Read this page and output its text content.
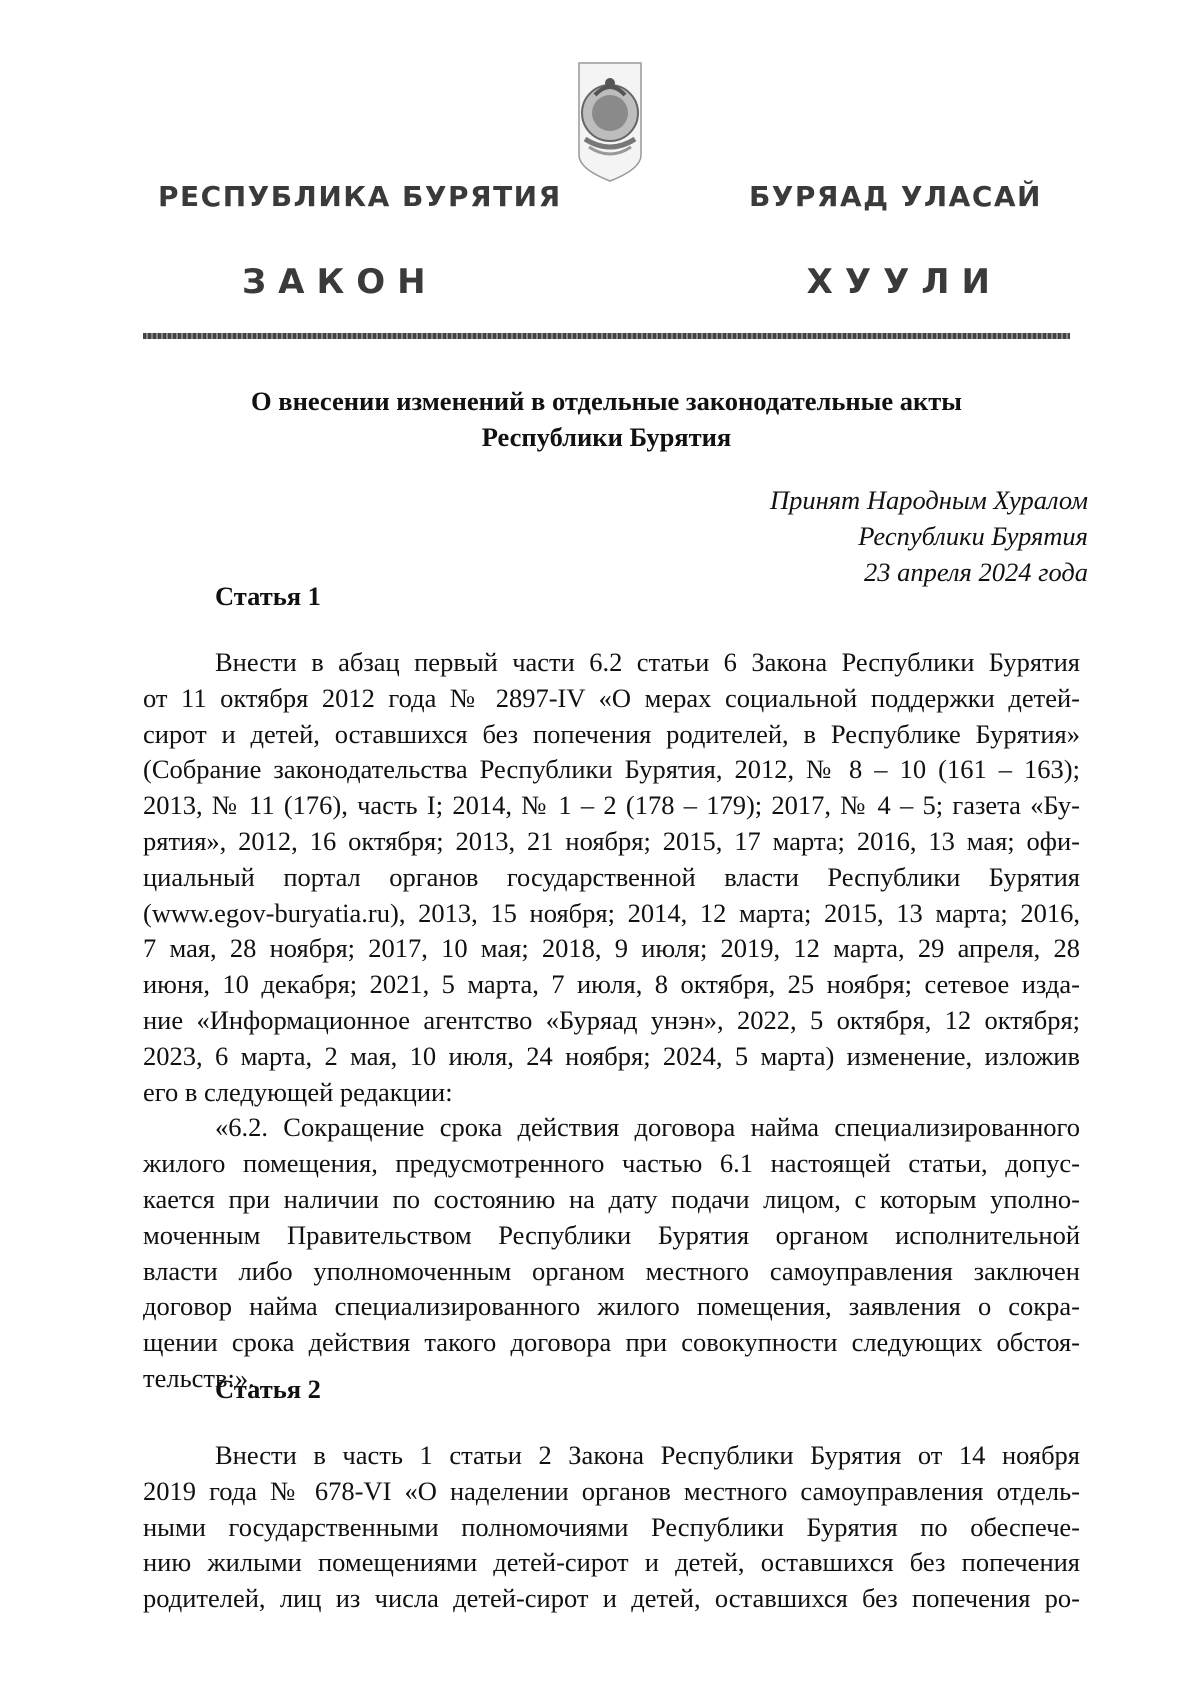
РЕСПУБЛИКА БУРЯТИЯ	БУРЯАД УЛАСАЙ
ЗАКОН	ХУУЛИ
О внесении изменений в отдельные законодательные акты
Республики Бурятия
Принят Народным Хуралом
Республики Бурятия
23 апреля 2024 года
Статья 1
Внести в абзац первый части 6.2 статьи 6 Закона Республики Бурятия
от 11 октября 2012 года № 2897-IV «О мерах социальной поддержки детей-
сирот и детей, оставшихся без попечения родителей, в Республике Бурятия»
(Собрание законодательства Республики Бурятия, 2012, № 8 – 10 (161 – 163);
2013, № 11 (176), часть I; 2014, № 1 – 2 (178 – 179); 2017, № 4 – 5; газета «Бу-
рятия», 2012, 16 октября; 2013, 21 ноября; 2015, 17 марта; 2016, 13 мая; офи-
циальный портал органов государственной власти Республики Бурятия
(www.egov-buryatia.ru), 2013, 15 ноября; 2014, 12 марта; 2015, 13 марта; 2016,
7 мая, 28 ноября; 2017, 10 мая; 2018, 9 июля; 2019, 12 марта, 29 апреля, 28
июня, 10 декабря; 2021, 5 марта, 7 июля, 8 октября, 25 ноября; сетевое изда-
ние «Информационное агентство «Буряад унэн», 2022, 5 октября, 12 октября;
2023, 6 марта, 2 мая, 10 июля, 24 ноября; 2024, 5 марта) изменение, изложив
его в следующей редакции:
«6.2. Сокращение срока действия договора найма специализированного
жилого помещения, предусмотренного частью 6.1 настоящей статьи, допус-
кается при наличии по состоянию на дату подачи лицом, с которым уполно-
моченным Правительством Республики Бурятия органом исполнительной
власти либо уполномоченным органом местного самоуправления заключен
договор найма специализированного жилого помещения, заявления о сокра-
щении срока действия такого договора при совокупности следующих обстоя-
тельств:».
Статья 2
Внести в часть 1 статьи 2 Закона Республики Бурятия от 14 ноября
2019 года № 678-VI «О наделении органов местного самоуправления отдель-
ными государственными полномочиями Республики Бурятия по обеспече-
нию жилыми помещениями детей-сирот и детей, оставшихся без попечения
родителей, лиц из числа детей-сирот и детей, оставшихся без попечения ро-
